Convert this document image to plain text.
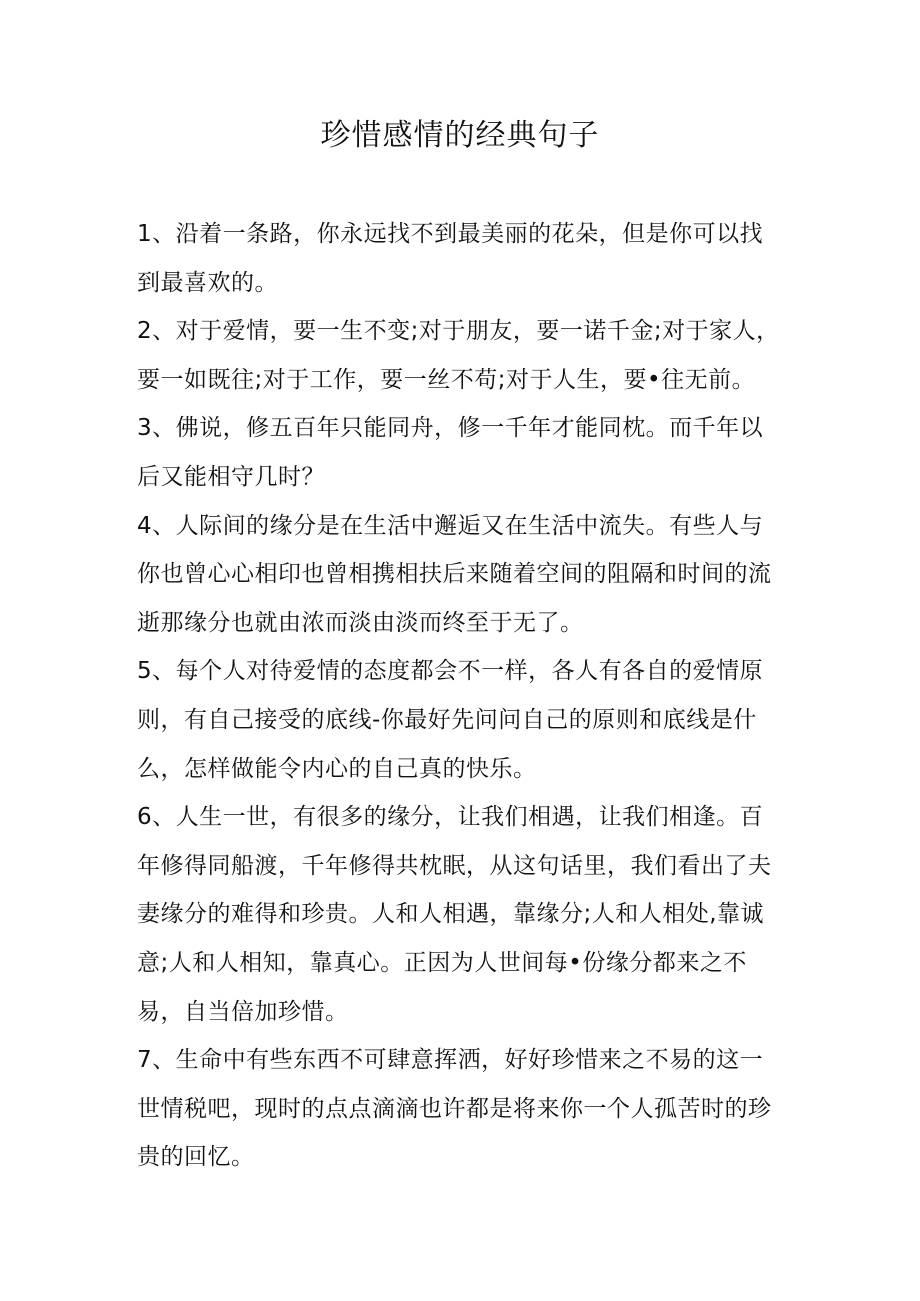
珍惜感情的经典句子

1、沿着一条路，你永远找不到最美丽的花朵，但是你可以找到最喜欢的。

2、对于爱情，要一生不变;对于朋友，要一诺千金;对于家人，要一如既往;对于工作，要一丝不苟;对于人生，要•往无前。

3、佛说，修五百年只能同舟，修一千年才能同枕。而千年以后又能相守几时？

4、人际间的缘分是在生活中邂逅又在生活中流失。有些人与你也曾心心相印也曾相携相扶后来随着空间的阻隔和时间的流逝那缘分也就由浓而淡由淡而终至于无了。

5、每个人对待爱情的态度都会不一样，各人有各自的爱情原则，有自己接受的底线-你最好先问问自己的原则和底线是什么，怎样做能令内心的自己真的快乐。

6、人生一世，有很多的缘分，让我们相遇，让我们相逢。百年修得同船渡，千年修得共枕眠，从这句话里，我们看出了夫妻缘分的难得和珍贵。人和人相遇，靠缘分;人和人相处,靠诚意;人和人相知，靠真心。正因为人世间每•份缘分都来之不易，自当倍加珍惜。

7、生命中有些东西不可肆意挥洒，好好珍惜来之不易的这一世情税吧，现时的点点滴滴也许都是将来你一个人孤苦时的珍贵的回忆。
